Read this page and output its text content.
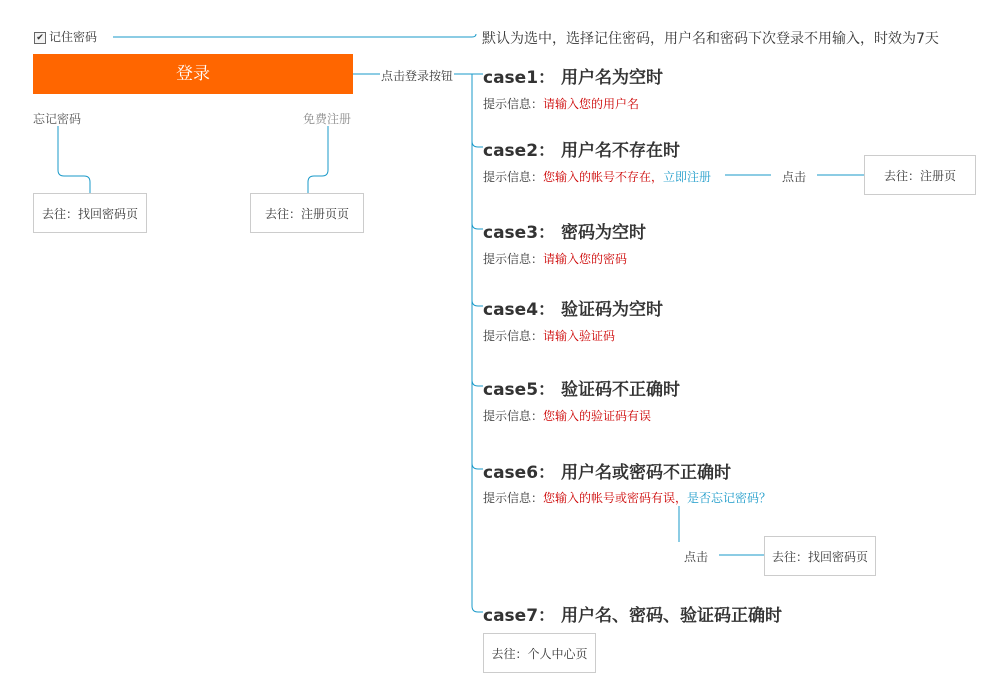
✔ 记住密码	默认为选中，选择记住密码，用户名和密码下次登录不用输入，时效为7天
登录
忘记密码	免费注册
去往：找回密码页	去往：注册页页
点击登录按钮 case1： 用户名为空时
提示信息：请输入您的用户名
case2： 用户名不存在时
提示信息：您输入的帐号不存在，立即注册	点击	去往：注册页
case3： 密码为空时
提示信息：请输入您的密码
case4： 验证码为空时
提示信息：请输入验证码
case5： 验证码不正确时
提示信息：您输入的验证码有误
case6： 用户名或密码不正确时
提示信息：您输入的帐号或密码有误，是否忘记密码？
点击	去往：找回密码页
case7： 用户名、密码、验证码正确时
去往：个人中心页
